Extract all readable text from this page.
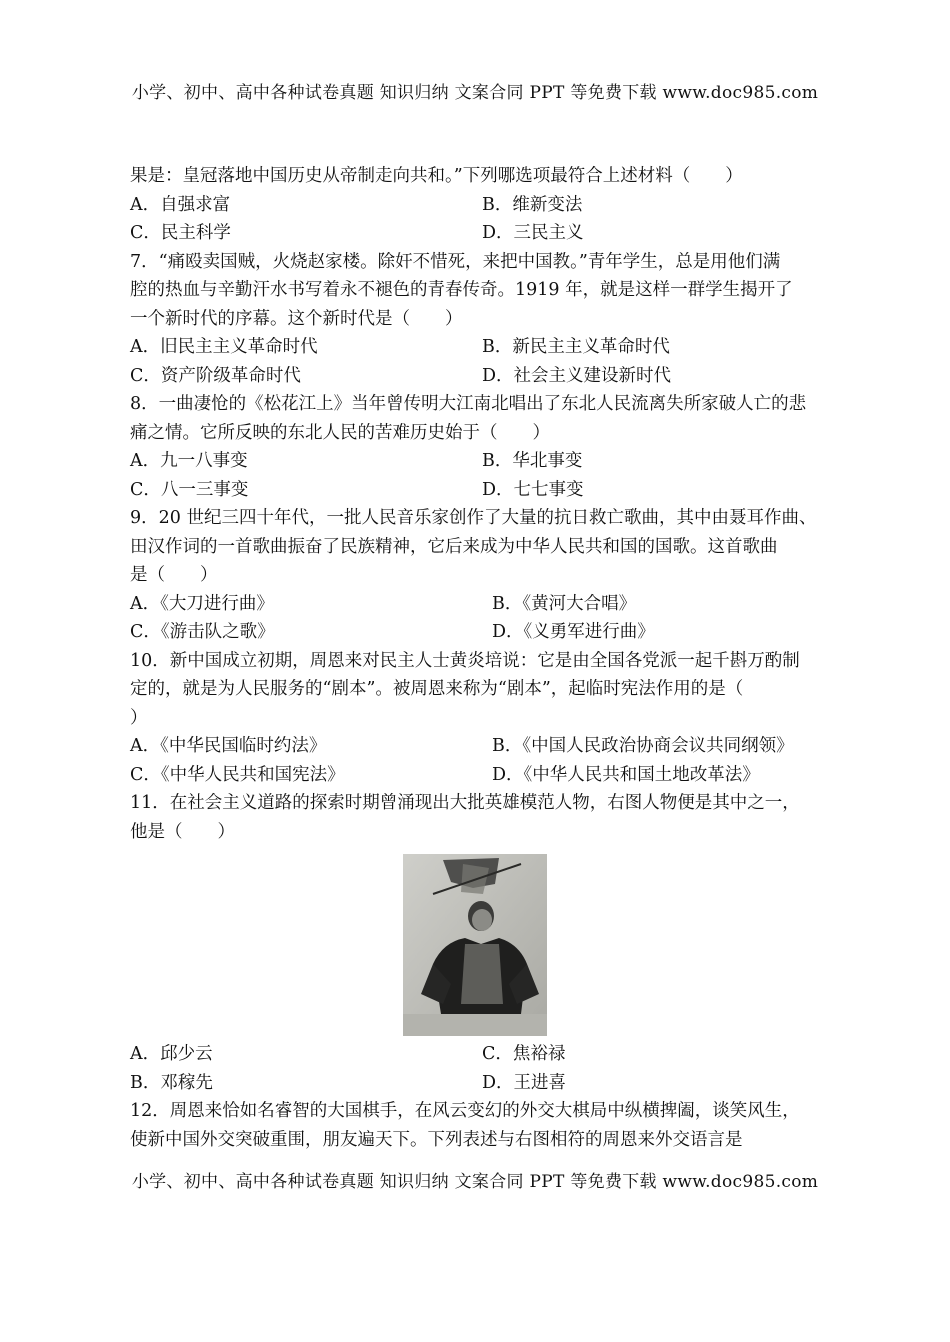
小学、初中、高中各种试卷真题 知识归纳 文案合同 PPT 等免费下载 www.doc985.com
果是：皇冠落地中国历史从帝制走向共和。”下列哪选项最符合上述材料（　　）
A．自强求富	B．维新变法
C．民主科学	D．三民主义
7．“痛殴卖国贼，火烧赵家楼。除奸不惜死，来把中国教。”青年学生，总是用他们满
腔的热血与辛勤汗水书写着永不褪色的青春传奇。1919 年，就是这样一群学生揭开了
一个新时代的序幕。这个新时代是（　　）
A．旧民主主义革命时代	B．新民主主义革命时代
C．资产阶级革命时代	D．社会主义建设新时代
8．一曲凄怆的《松花江上》当年曾传明大江南北唱出了东北人民流离失所家破人亡的悲
痛之情。它所反映的东北人民的苦难历史始于（　　）
A．九一八事变	B．华北事变
C．八一三事变	D．七七事变
9．20 世纪三四十年代，一批人民音乐家创作了大量的抗日救亡歌曲，其中由聂耳作曲、
田汉作词的一首歌曲振奋了民族精神，它后来成为中华人民共和国的国歌。这首歌曲
是（　　）
A．《大刀进行曲》	B．《黄河大合唱》
C．《游击队之歌》	D．《义勇军进行曲》
10．新中国成立初期，周恩来对民主人士黄炎培说：它是由全国各党派一起千斟万酌制
定的，就是为人民服务的“剧本”。被周恩来称为“剧本”，起临时宪法作用的是（
）
A．《中华民国临时约法》	B．《中国人民政治协商会议共同纲领》
C．《中华人民共和国宪法》	D．《中华人民共和国土地改革法》
11．在社会主义道路的探索时期曾涌现出大批英雄模范人物，右图人物便是其中之一，
他是（　　）
A．邱少云	C．焦裕禄
B．邓稼先	D．王进喜
12．周恩来恰如名睿智的大国棋手，在风云变幻的外交大棋局中纵横捭阖，谈笑风生，
使新中国外交突破重围，朋友遍天下。下列表述与右图相符的周恩来外交语言是
小学、初中、高中各种试卷真题 知识归纳 文案合同 PPT 等免费下载 www.doc985.com
